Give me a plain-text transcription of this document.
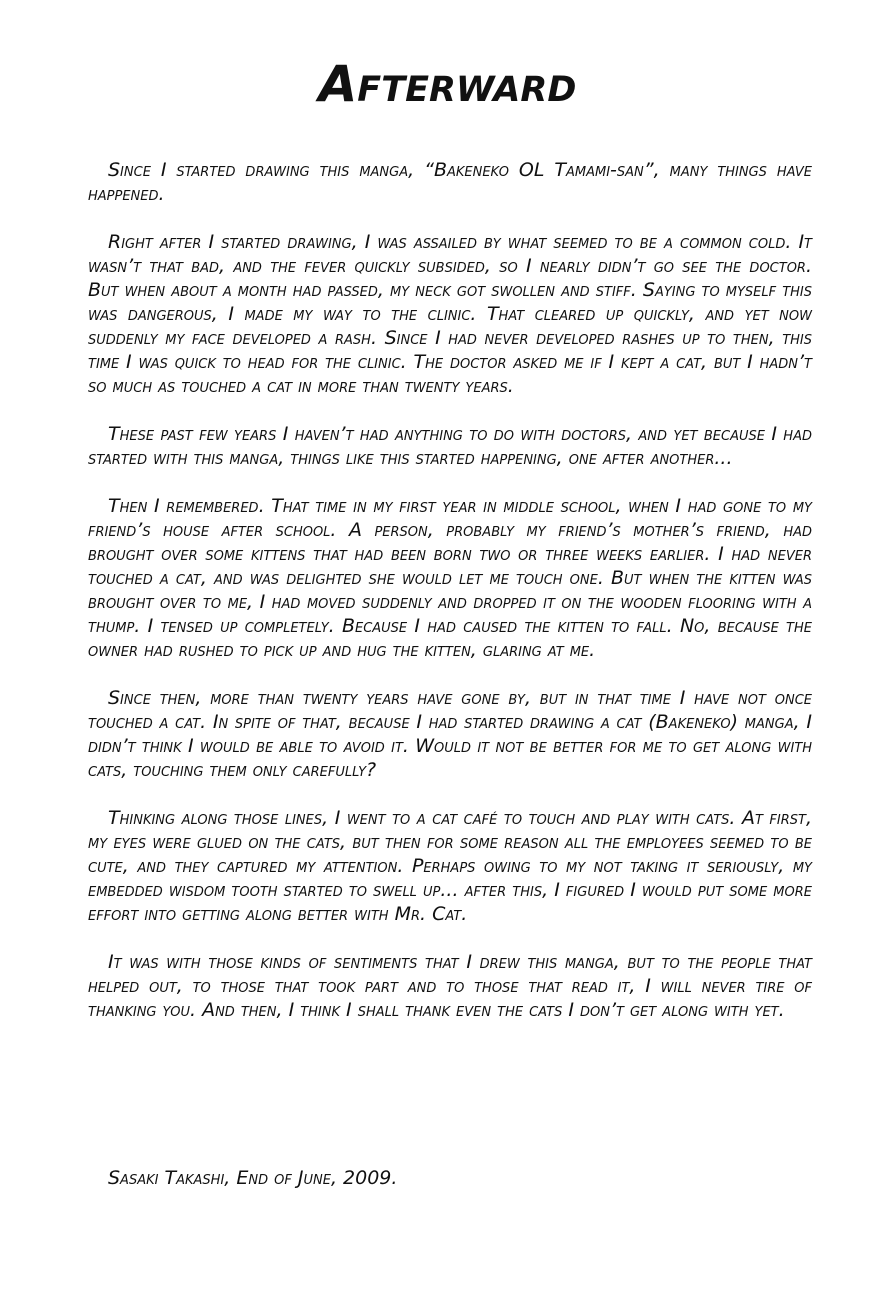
Afterward

Since I started drawing this manga, “Bakeneko OL Tamami-san”, many things have happened.

Right after I started drawing, I was assailed by what seemed to be a common cold. It wasn’t that bad, and the fever quickly subsided, so I nearly didn’t go see the doctor. But when about a month had passed, my neck got swollen and stiff. Saying to myself this was dangerous, I made my way to the clinic. That cleared up quickly, and yet now suddenly my face developed a rash. Since I had never developed rashes up to then, this time I was quick to head for the clinic. The doctor asked me if I kept a cat, but I hadn’t so much as touched a cat in more than twenty years.

These past few years I haven’t had anything to do with doctors, and yet because I had started with this manga, things like this started happening, one after another...

Then I remembered. That time in my first year in middle school, when I had gone to my friend’s house after school. A person, probably my friend’s mother’s friend, had brought over some kittens that had been born two or three weeks earlier. I had never touched a cat, and was delighted she would let me touch one. But when the kitten was brought over to me, I had moved suddenly and dropped it on the wooden flooring with a thump. I tensed up completely. Because I had caused the kitten to fall. No, because the owner had rushed to pick up and hug the kitten, glaring at me.

Since then, more than twenty years have gone by, but in that time I have not once touched a cat. In spite of that, because I had started drawing a cat (Bakeneko) manga, I didn’t think I would be able to avoid it. Would it not be better for me to get along with cats, touching them only carefully?

Thinking along those lines, I went to a cat café to touch and play with cats. At first, my eyes were glued on the cats, but then for some reason all the employees seemed to be cute, and they captured my attention. Perhaps owing to my not taking it seriously, my embedded wisdom tooth started to swell up... after this, I figured I would put some more effort into getting along better with Mr. Cat.

It was with those kinds of sentiments that I drew this manga, but to the people that helped out, to those that took part and to those that read it, I will never tire of thanking you. And then, I think I shall thank even the cats I don’t get along with yet.

Sasaki Takashi, End of June, 2009.
